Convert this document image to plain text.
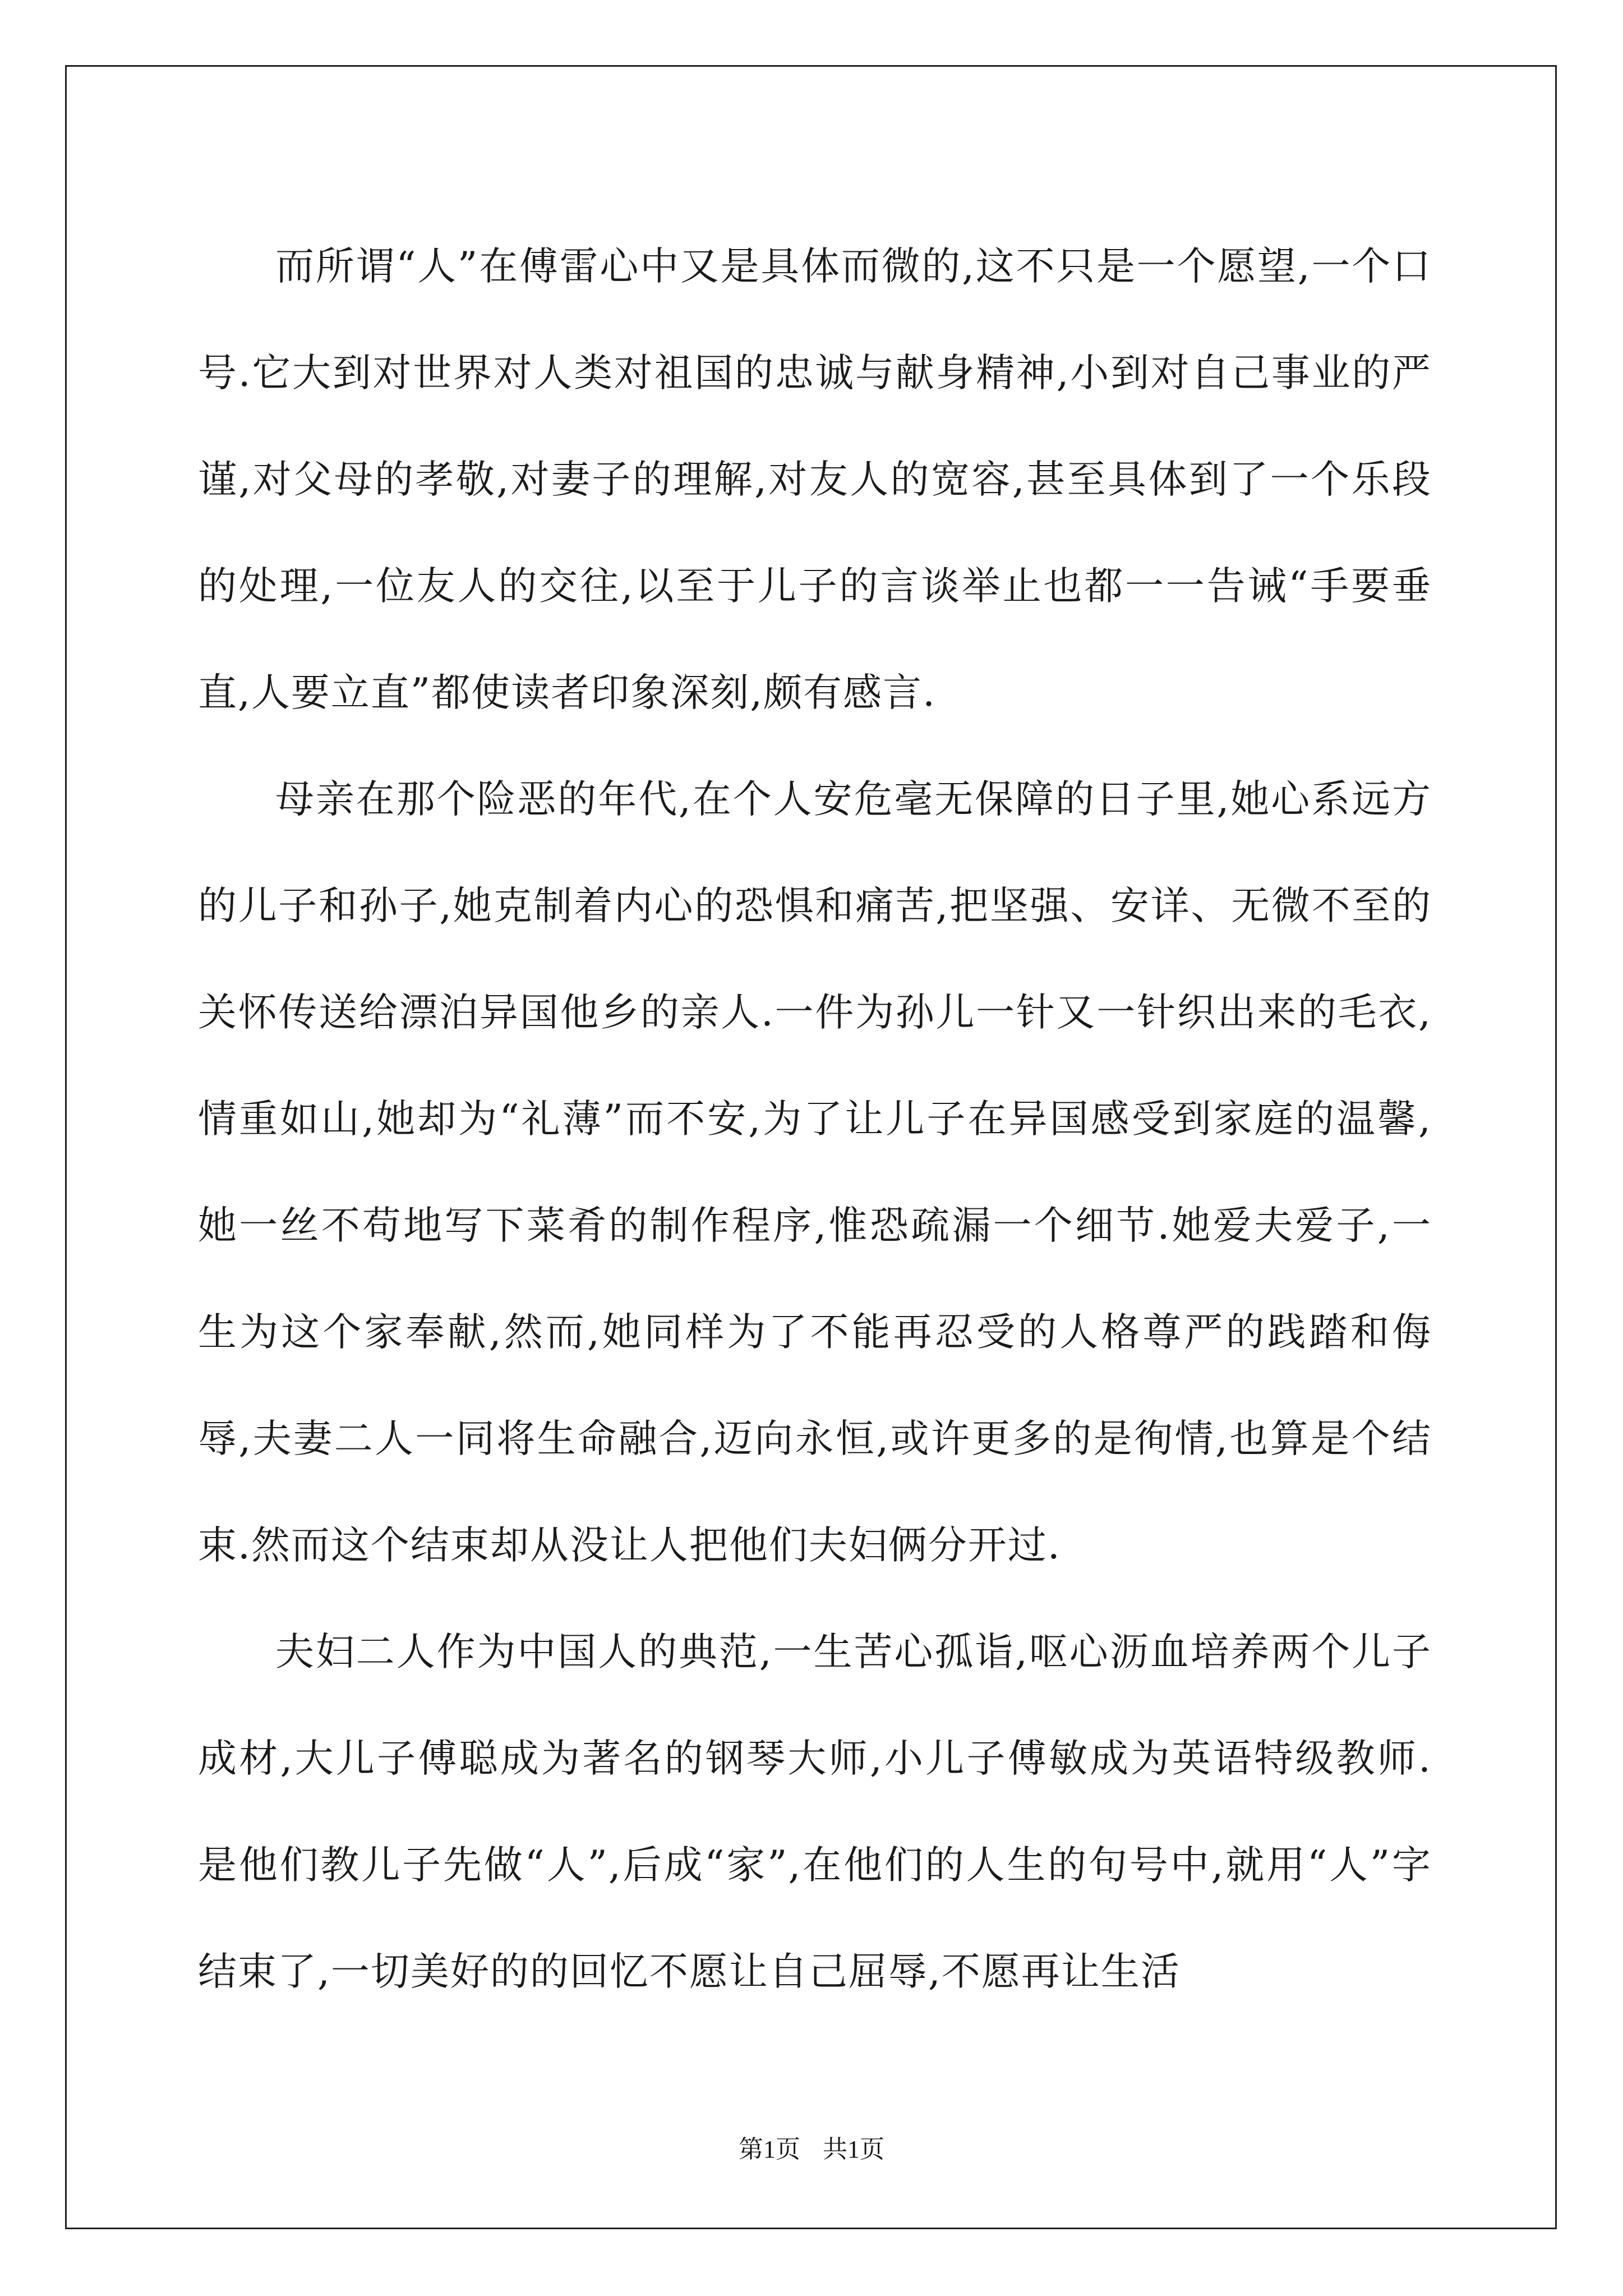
而所谓“人”在傅雷心中又是具体而微的,这不只是一个愿望,一个口号.它大到对世界对人类对祖国的忠诚与献身精神,小到对自己事业的严谨,对父母的孝敬,对妻子的理解,对友人的宽容,甚至具体到了一个乐段的处理,一位友人的交往,以至于儿子的言谈举止也都一一告诫“手要垂直,人要立直”都使读者印象深刻,颇有感言.

母亲在那个险恶的年代,在个人安危毫无保障的日子里,她心系远方的儿子和孙子,她克制着内心的恐惧和痛苦,把坚强、安详、无微不至的关怀传送给漂泊异国他乡的亲人.一件为孙儿一针又一针织出来的毛衣,情重如山,她却为“礼薄”而不安,为了让儿子在异国感受到家庭的温馨,她一丝不苟地写下菜肴的制作程序,惟恐疏漏一个细节.她爱夫爱子,一生为这个家奉献,然而,她同样为了不能再忍受的人格尊严的践踏和侮辱,夫妻二人一同将生命融合,迈向永恒,或许更多的是徇情,也算是个结束.然而这个结束却从没让人把他们夫妇俩分开过.

夫妇二人作为中国人的典范,一生苦心孤诣,呕心沥血培养两个儿子成材,大儿子傅聪成为著名的钢琴大师,小儿子傅敏成为英语特级教师.是他们教儿子先做“人”,后成“家”,在他们的人生的句号中,就用“人”字结束了,一切美好的的回忆不愿让自己屈辱,不愿再让生活

第1页 共1页
